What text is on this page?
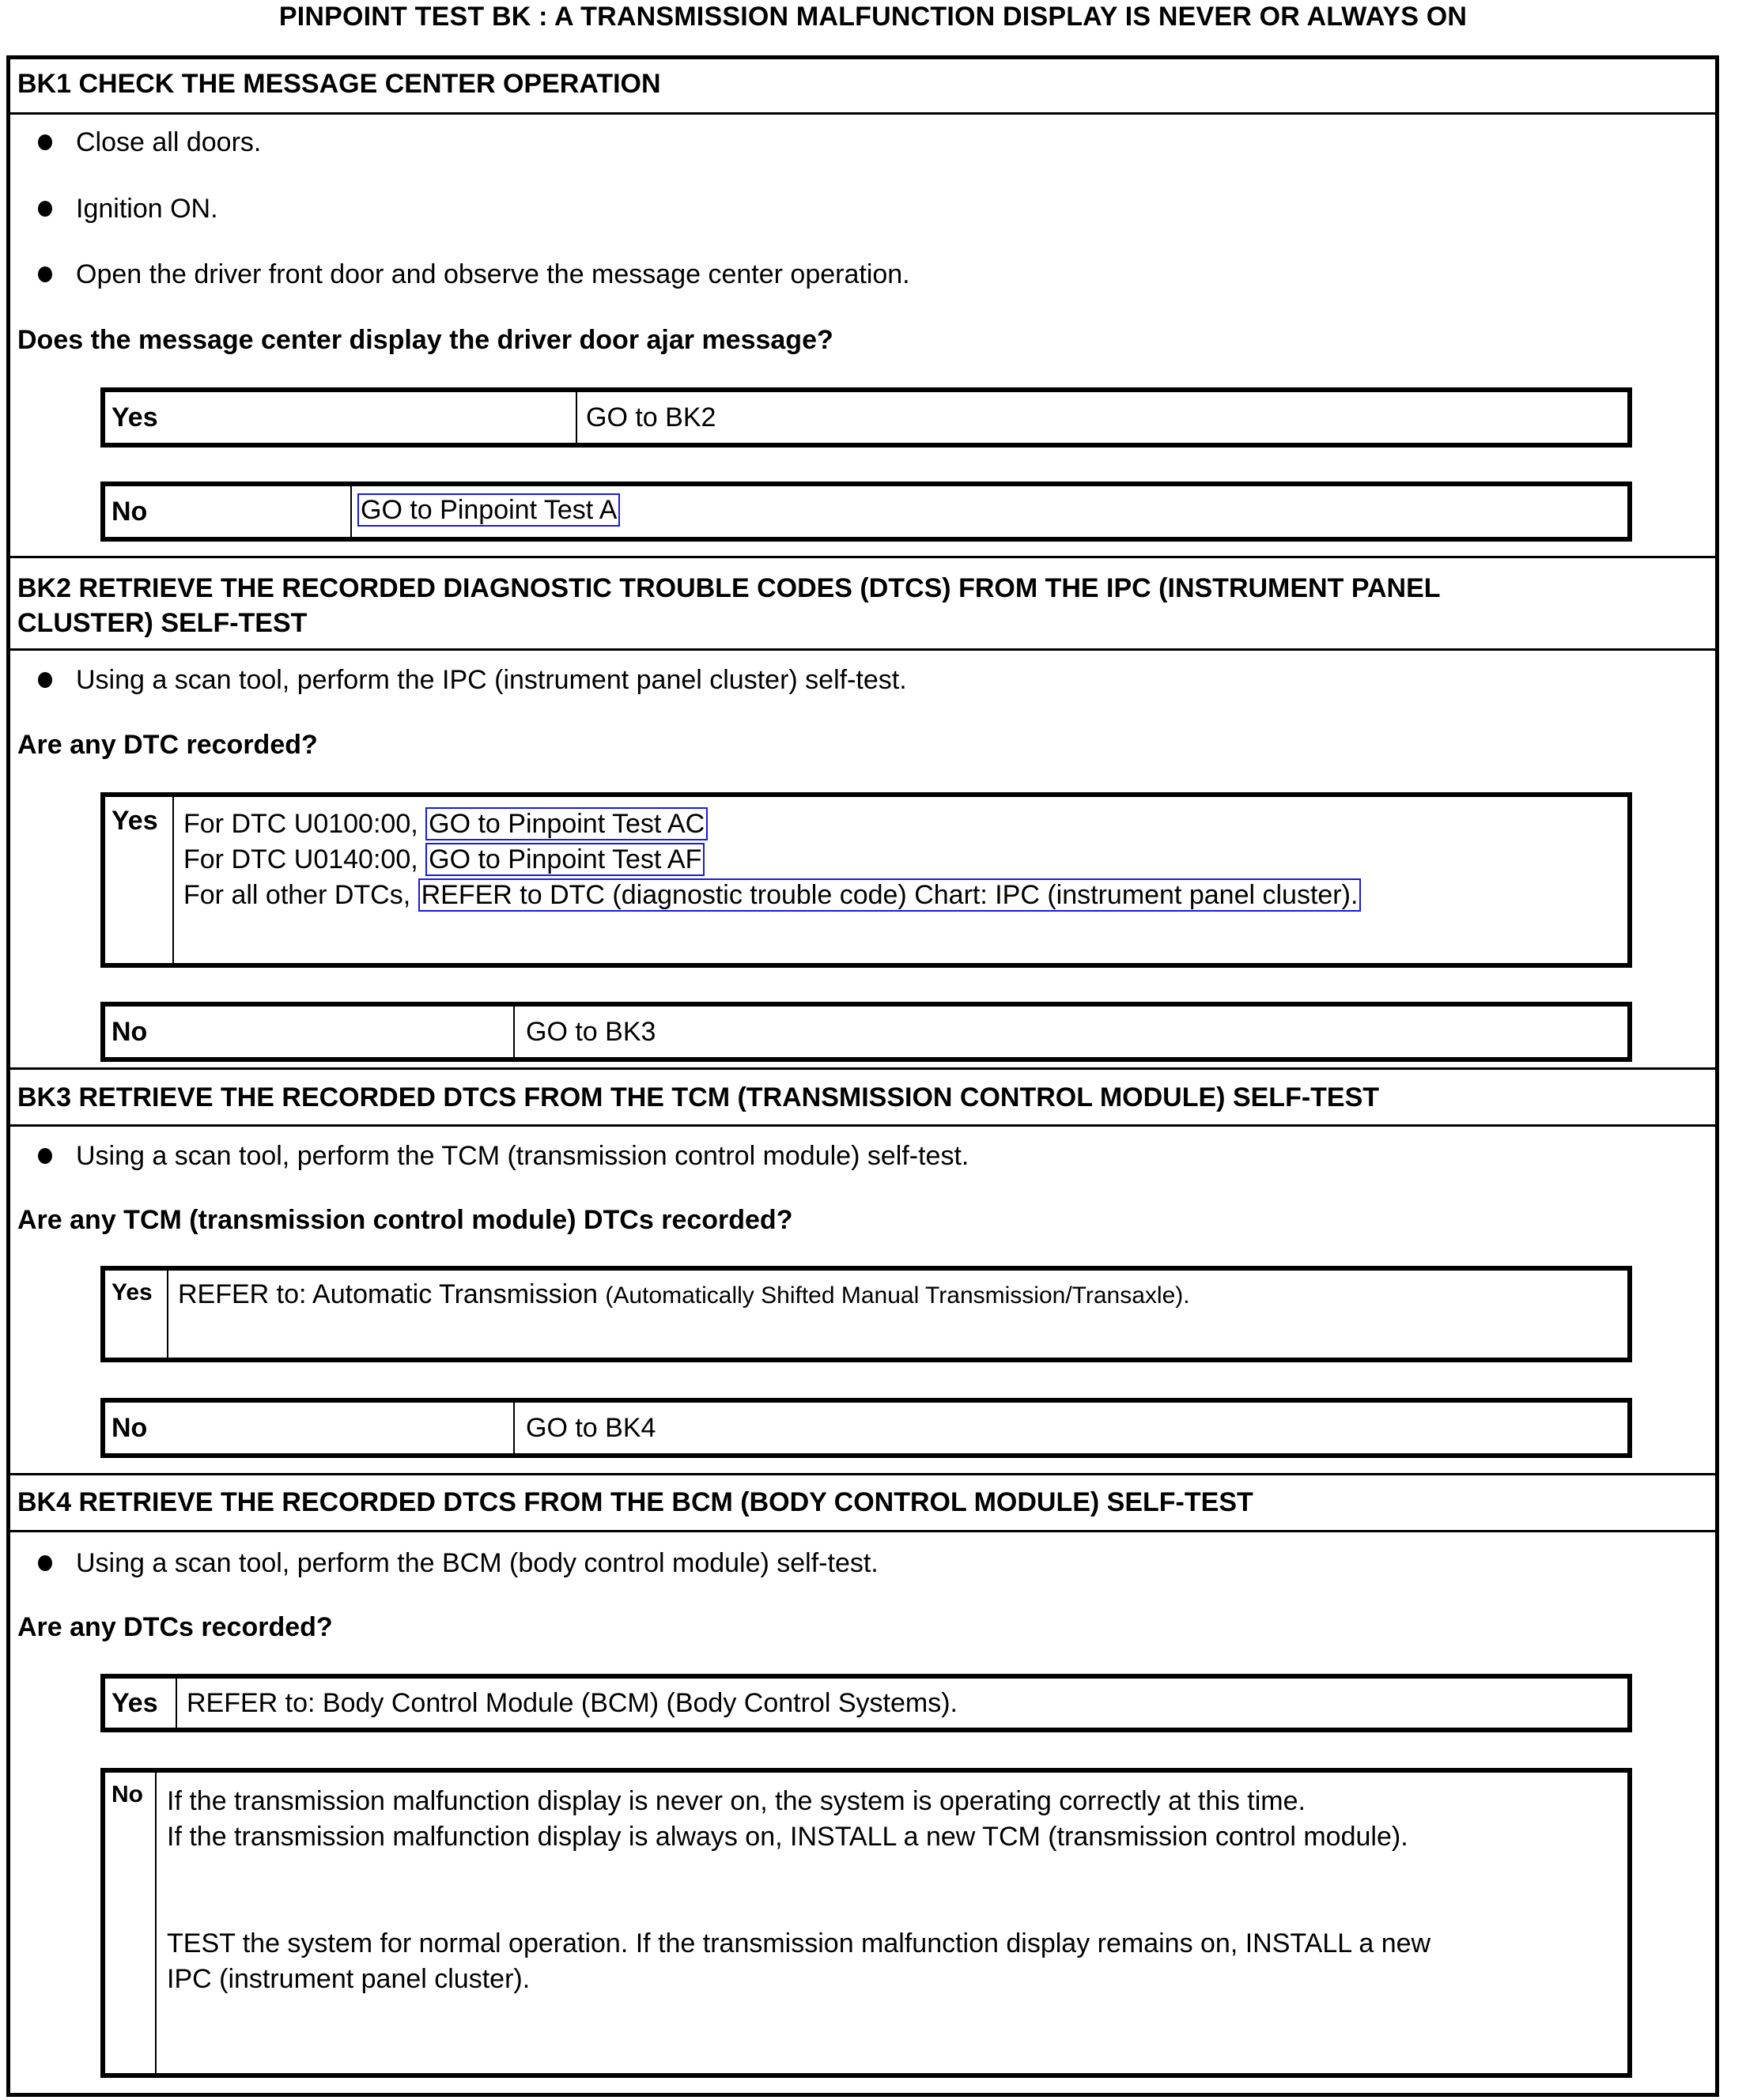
PINPOINT TEST BK : A TRANSMISSION MALFUNCTION DISPLAY IS NEVER OR ALWAYS ON
BK1 CHECK THE MESSAGE CENTER OPERATION
Close all doors.
Ignition ON.
Open the driver front door and observe the message center operation.
Does the message center display the driver door ajar message?
Yes	GO to BK2
No	GO to Pinpoint Test A
BK2 RETRIEVE THE RECORDED DIAGNOSTIC TROUBLE CODES (DTCS) FROM THE IPC (INSTRUMENT PANEL
CLUSTER) SELF-TEST
Using a scan tool, perform the IPC (instrument panel cluster) self-test.
Are any DTC recorded?
Yes For DTC U0100:00, GO to Pinpoint Test AC
For DTC U0140:00, GO to Pinpoint Test AF
For all other DTCs, REFER to DTC (diagnostic trouble code) Chart: IPC (instrument panel cluster).
No	GO to BK3
BK3 RETRIEVE THE RECORDED DTCS FROM THE TCM (TRANSMISSION CONTROL MODULE) SELF-TEST
Using a scan tool, perform the TCM (transmission control module) self-test.
Are any TCM (transmission control module) DTCs recorded?
Yes REFER to: Automatic Transmission (Automatically Shifted Manual Transmission/Transaxle).
No	GO to BK4
BK4 RETRIEVE THE RECORDED DTCS FROM THE BCM (BODY CONTROL MODULE) SELF-TEST
Using a scan tool, perform the BCM (body control module) self-test.
Are any DTCs recorded?
Yes REFER to: Body Control Module (BCM) (Body Control Systems).
No If the transmission malfunction display is never on, the system is operating correctly at this time.
If the transmission malfunction display is always on, INSTALL a new TCM (transmission control module).
TEST the system for normal operation. If the transmission malfunction display remains on, INSTALL a new
IPC (instrument panel cluster).
